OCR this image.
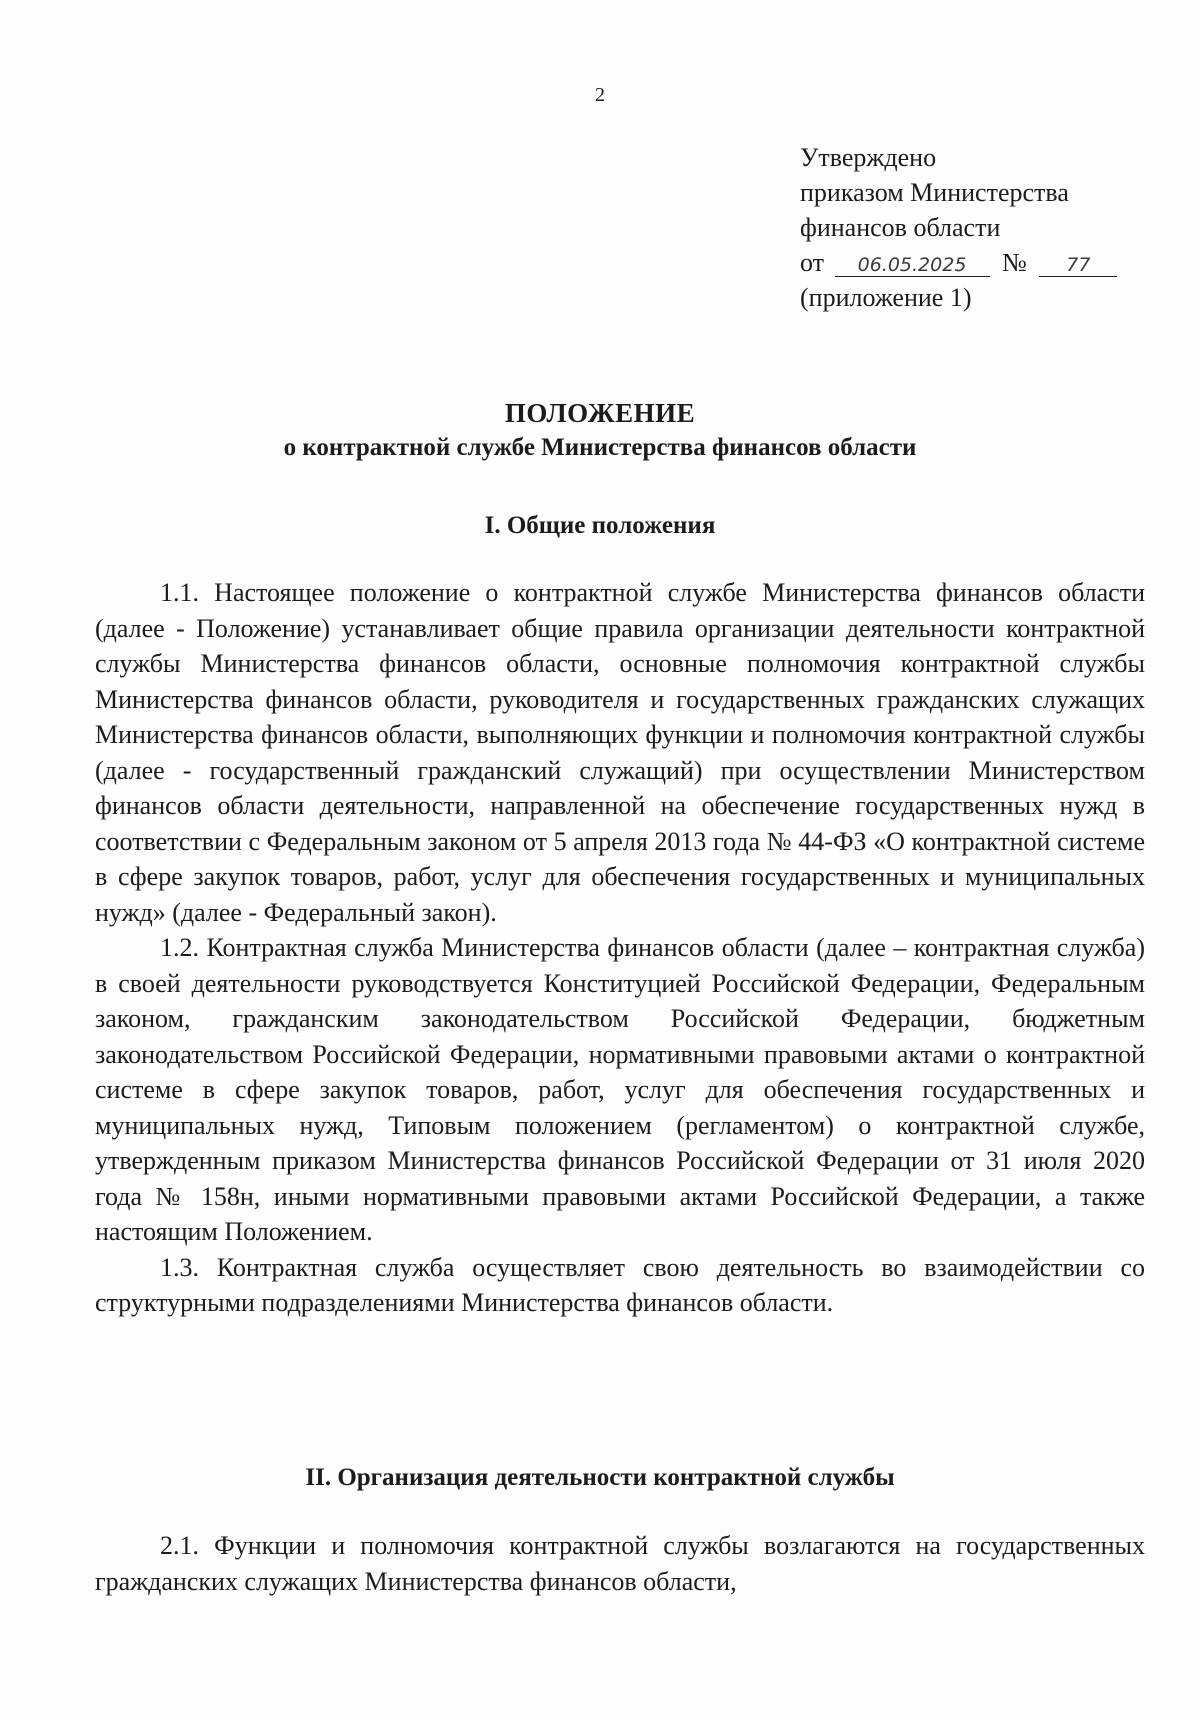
2
Утверждено
приказом Министерства
финансов области
от 06.05.2025 № 77
(приложение 1)
ПОЛОЖЕНИЕ
о контрактной службе Министерства финансов области
I. Общие положения

1.1. Настоящее положение о контрактной службе Министерства финансов области (далее - Положение) устанавливает общие правила организации деятельности контрактной службы Министерства финансов области, основные полномочия контрактной службы Министерства финансов области, руководителя и государственных гражданских служащих Министерства финансов области, выполняющих функции и полномочия контрактной службы (далее - государственный гражданский служащий) при осуществлении Министерством финансов области деятельности, направленной на обеспечение государственных нужд в соответствии с Федеральным законом от 5 апреля 2013 года № 44-ФЗ «О контрактной системе в сфере закупок товаров, работ, услуг для обеспечения государственных и муниципальных нужд» (далее - Федеральный закон).

1.2. Контрактная служба Министерства финансов области (далее – контрактная служба) в своей деятельности руководствуется Конституцией Российской Федерации, Федеральным законом, гражданским законодательством Российской Федерации, бюджетным законодательством Российской Федерации, нормативными правовыми актами о контрактной системе в сфере закупок товаров, работ, услуг для обеспечения государственных и муниципальных нужд, Типовым положением (регламентом) о контрактной службе, утвержденным приказом Министерства финансов Российской Федерации от 31 июля 2020 года № 158н, иными нормативными правовыми актами Российской Федерации, а также настоящим Положением.

1.3. Контрактная служба осуществляет свою деятельность во взаимодействии со структурными подразделениями Министерства финансов области.

II. Организация деятельности контрактной службы

2.1. Функции и полномочия контрактной службы возлагаются на государственных гражданских служащих Министерства финансов области,
